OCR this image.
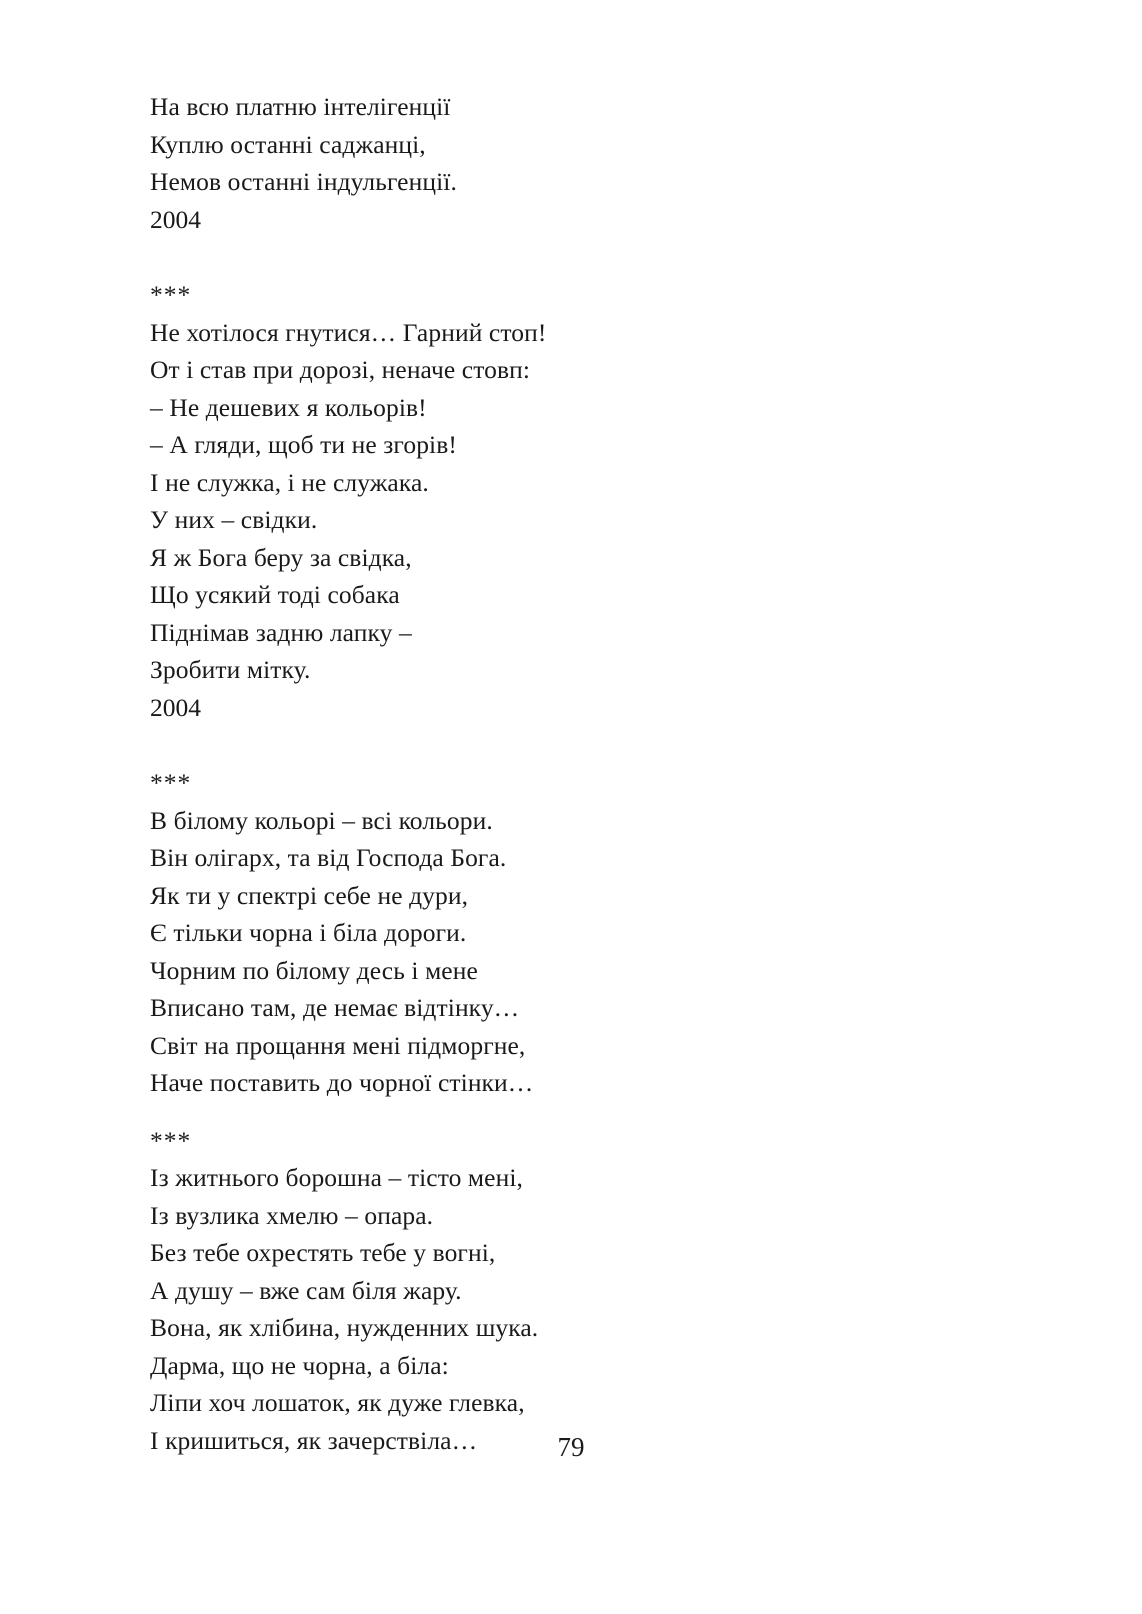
На всю платню інтелігенції
Куплю останні саджанці,
Немов останні індульгенції.
2004
***
Не хотілося гнутися… Гарний стоп!
От і став при дорозі, неначе стовп:
– Не дешевих я кольорів!
– А гляди, щоб ти не згорів!
І не служка, і не служака.
У них – свідки.
Я ж Бога беру за свідка,
Що усякий тоді собака
Піднімав задню лапку –
Зробити мітку.
2004
***
В білому кольорі – всі кольори.
Він олігарх, та від Господа Бога.
Як ти у спектрі себе не дури,
Є тільки чорна і біла дороги.
Чорним по білому десь і мене
Вписано там, де немає відтінку…
Світ на прощання мені підморгне,
Наче поставить до чорної стінки…
***
Із житнього борошна – тісто мені,
Із вузлика хмелю – опара.
Без тебе охрестять тебе у вогні,
А душу – вже сам біля жару.
Вона, як хлібина, нужденних шука.
Дарма, що не чорна, а біла:
Ліпи хоч лошаток, як дуже глевка,
І кришиться, як зачерствіла…	79
